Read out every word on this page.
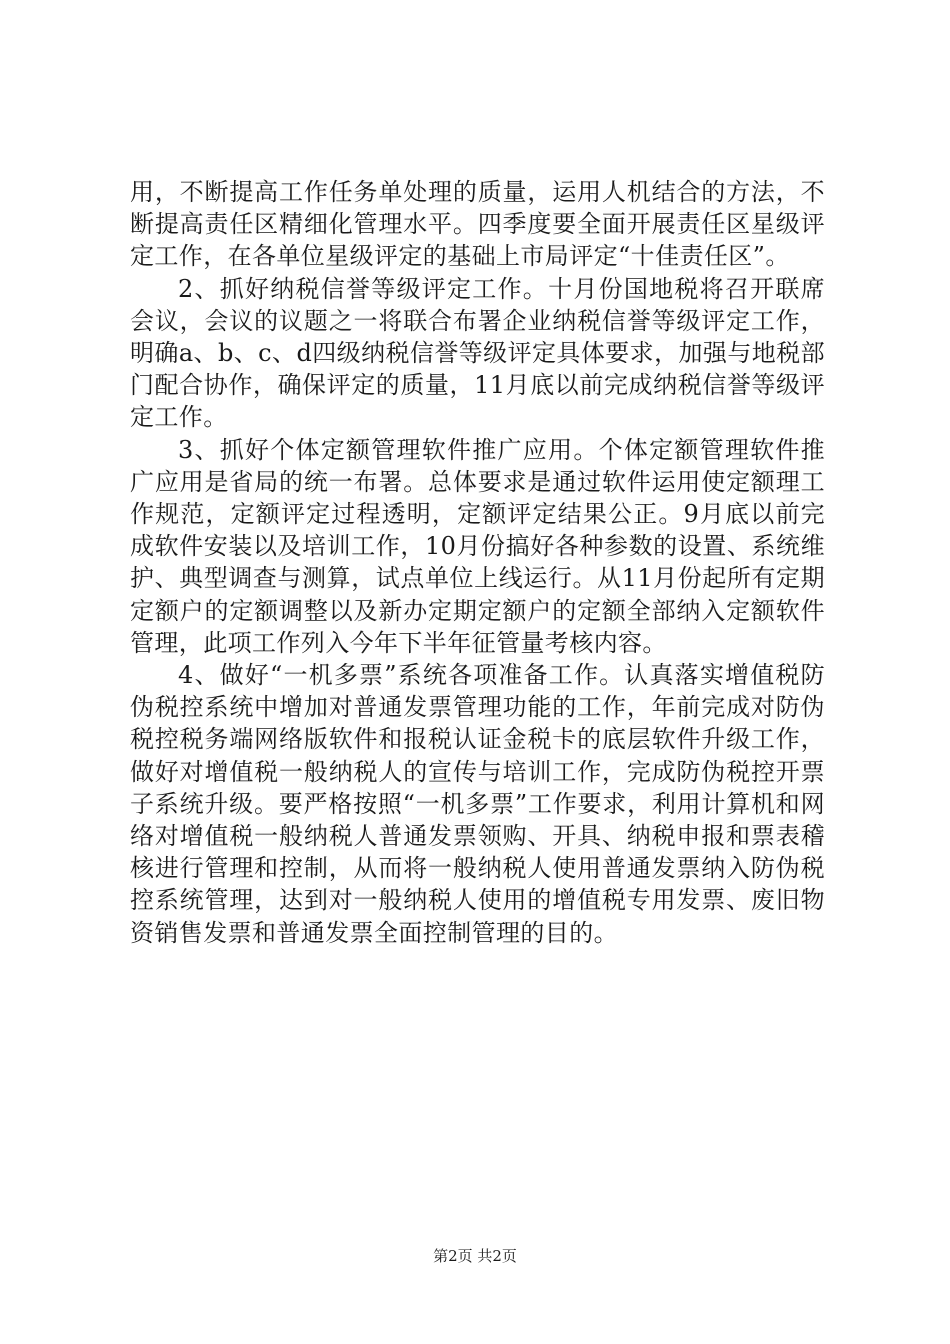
用，不断提高工作任务单处理的质量，运用人机结合的方法，不断提高责任区精细化管理水平。四季度要全面开展责任区星级评定工作，在各单位星级评定的基础上市局评定“十佳责任区”。

2、抓好纳税信誉等级评定工作。十月份国地税将召开联席会议，会议的议题之一将联合布署企业纳税信誉等级评定工作，明确a、b、c、d四级纳税信誉等级评定具体要求，加强与地税部门配合协作，确保评定的质量，11月底以前完成纳税信誉等级评定工作。

3、抓好个体定额管理软件推广应用。个体定额管理软件推广应用是省局的统一布署。总体要求是通过软件运用使定额理工作规范，定额评定过程透明，定额评定结果公正。9月底以前完成软件安装以及培训工作，10月份搞好各种参数的设置、系统维护、典型调查与测算，试点单位上线运行。从11月份起所有定期定额户的定额调整以及新办定期定额户的定额全部纳入定额软件管理，此项工作列入今年下半年征管量考核内容。

4、做好“一机多票”系统各项准备工作。认真落实增值税防伪税控系统中增加对普通发票管理功能的工作，年前完成对防伪税控税务端网络版软件和报税认证金税卡的底层软件升级工作，做好对增值税一般纳税人的宣传与培训工作，完成防伪税控开票子系统升级。要严格按照“一机多票”工作要求，利用计算机和网络对增值税一般纳税人普通发票领购、开具、纳税申报和票表稽核进行管理和控制，从而将一般纳税人使用普通发票纳入防伪税控系统管理，达到对一般纳税人使用的增值税专用发票、废旧物资销售发票和普通发票全面控制管理的目的。

第2页 共2页
